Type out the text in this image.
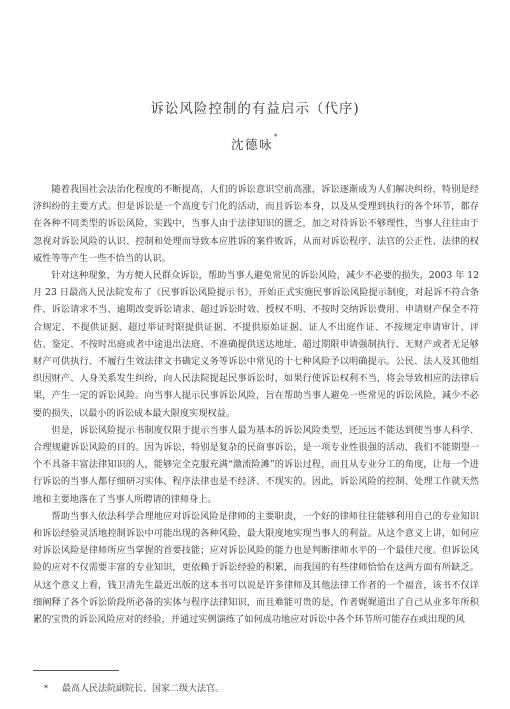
诉讼风险控制的有益启示（代序)
沈德咏*

随着我国社会法治化程度的不断提高，人们的诉讼意识空前高涨，诉讼逐渐成为人们解决纠纷，特别是经济纠纷的主要方式。但是诉讼是一个高度专门化的活动，而且诉讼本身，以及从受理到执行的各个环节，都存在各种不同类型的诉讼风险，实践中，当事人由于法律知识的匮乏，加之对待诉讼不够理性，当事人往往由于忽视对诉讼风险的认识、控制和处理而导致本应胜诉的案件败诉，从而对诉讼程序、法官的公正性、法律的权威性等等产生一些不恰当的认识。

针对这种现象，为方便人民群众诉讼，帮助当事人避免常见的诉讼风险，减少不必要的损失，2003 年 12 月 23 日最高人民法院发布了《民事诉讼风险提示书》，开始正式实施民事诉讼风险提示制度，对起诉不符合条件、诉讼请求不当、逾期改变诉讼请求、超过诉讼时效、授权不明、不按时交纳诉讼费用、申请财产保全不符合规定、不提供证据、超过举证时限提供证据、不提供原始证据、证人不出庭作证、不按规定申请审计、评估、鉴定、不按时出庭或者中途退出法庭、不准确提供送达地址、超过期限申请强制执行、无财产或者无足够财产可供执行、不履行生效法律文书确定义务等诉讼中常见的十七种风险予以明确提示。公民、法人及其他组织因财产、人身关系发生纠纷，向人民法院提起民事诉讼时，如果行使诉讼权利不当，将会导致相应的法律后果，产生一定的诉讼风险。向当事人提示民事诉讼风险，旨在帮助当事人避免一些常见的诉讼风险，减少不必要的损失，以最小的诉讼成本最大限度实现权益。

但是，诉讼风险提示书制度仅限于提示当事人最为基本的诉讼风险类型，还远远不能达到使当事人科学、合理规避诉讼风险的目的。因为诉讼，特别是复杂的民商事诉讼，是一项专业性很强的活动，我们不能期望一个不具备丰富法律知识的人，能够完全克服充满“激流险滩”的诉讼过程，而且从专业分工的角度，让每一个进行诉讼的当事人都仔细研习实体、程序法律也是不经济、不现实的。因此，诉讼风险的控制、处理工作就天然地和主要地落在了当事人所聘请的律师身上。

帮助当事人依法科学合理地应对诉讼风险是律师的主要职责，一个好的律师往往能够利用自己的专业知识和诉讼经验灵活地控制诉讼中可能出现的各种风险，最大限度地实现当事人的利益。从这个意义上讲，如何应对诉讼风险是律师所应当掌握的首要技能；应对诉讼风险的能力也是判断律师水平的一个最佳尺度。但诉讼风险的应对不仅需要丰富的专业知识，更依赖于诉讼经验的积累，而我国的有些律师恰恰在这两方面有所缺乏。从这个意义上看，钱卫清先生最近出版的这本书可以说是许多律师及其他法律工作者的一个福音，该书不仅详细阐释了各个诉讼阶段所必备的实体与程序法律知识，而且难能可贵的是，作者娓娓道出了自己从业多年所积累的宝贵的诉讼风险应对的经验，并通过实例演练了如何成功地应对诉讼中各个环节所可能存在或出现的风

* 最高人民法院副院长、国家二级大法官。
